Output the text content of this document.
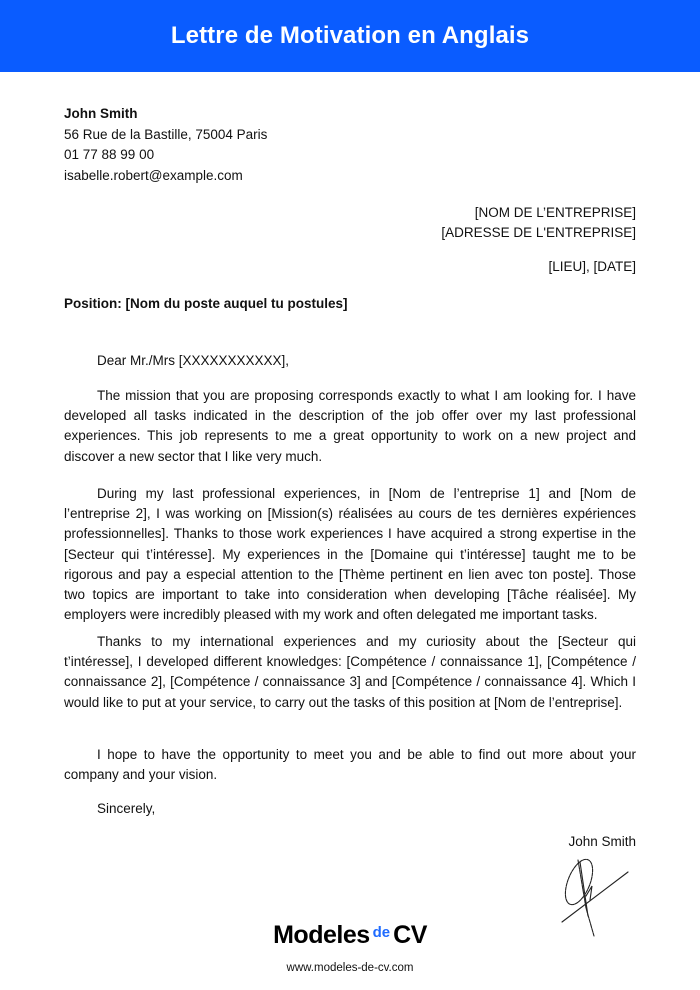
Lettre de Motivation en Anglais
John Smith
56 Rue de la Bastille, 75004 Paris
01 77 88 99 00
isabelle.robert@example.com
[NOM DE L’ENTREPRISE]
[ADRESSE DE L'ENTREPRISE]
[LIEU], [DATE]
Position: [Nom du poste auquel tu postules]
Dear Mr./Mrs [XXXXXXXXXXX],

The mission that you are proposing corresponds exactly to what I am looking for. I have developed all tasks indicated in the description of the job offer over my last professional experiences. This job represents to me a great opportunity to work on a new project and discover a new sector that I like very much.

During my last professional experiences, in [Nom de l’entreprise 1] and [Nom de l’entreprise 2], I was working on [Mission(s) réalisées au cours de tes dernières expériences professionnelles]. Thanks to those work experiences I have acquired a strong expertise in the [Secteur qui t’intéresse]. My experiences in the [Domaine qui t’intéresse] taught me to be rigorous and pay a especial attention to the [Thème pertinent en lien avec ton poste]. Those two topics are important to take into consideration when developing [Tâche réalisée]. My employers were incredibly pleased with my work and often delegated me important tasks.

Thanks to my international experiences and my curiosity about the [Secteur qui t’intéresse], I developed different knowledges: [Compétence / connaissance 1], [Compétence / connaissance 2], [Compétence / connaissance 3] and [Compétence / connaissance 4]. Which I would like to put at your service, to carry out the tasks of this position at [Nom de l’entreprise].

I hope to have the opportunity to meet you and be able to find out more about your company and your vision.

Sincerely,
John Smith
Modeles de CV
www.modeles-de-cv.com
